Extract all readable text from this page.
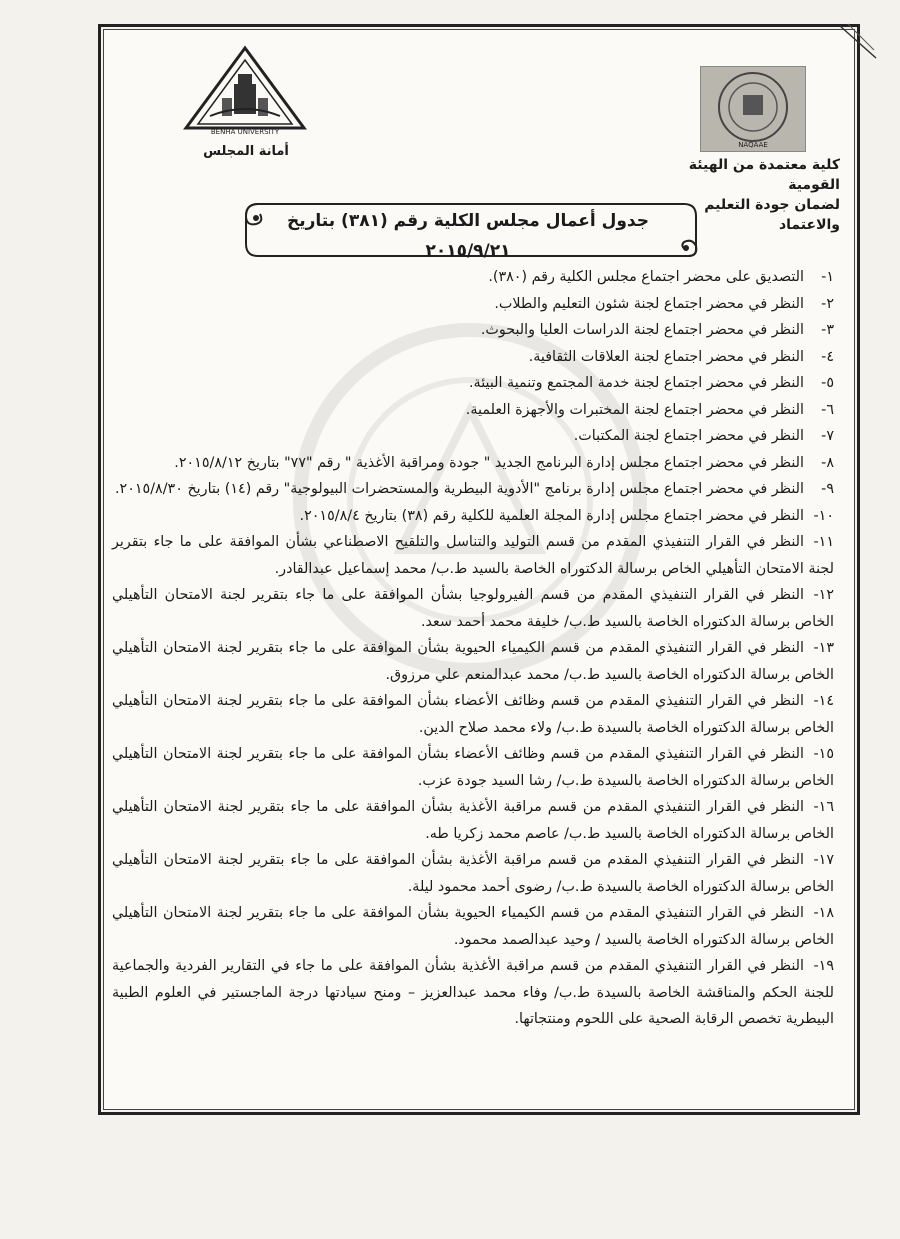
BENHA UNIVERSITY
أمانة المجلس	NAQAAE
كلية معتمدة من الهيئة القومية
لضمان جودة التعليم والاعتماد
جدول أعمال مجلس الكلية رقم (٣٨١) بتاريخ ٢٠١٥/٩/٢١
١-التصديق على محضر اجتماع مجلس الكلية رقم (٣٨٠).
٢-النظر في محضر اجتماع لجنة شئون التعليم والطلاب.
٣-النظر في محضر اجتماع لجنة الدراسات العليا والبحوث.
٤-النظر في محضر اجتماع لجنة العلاقات الثقافية.
٥-النظر في محضر اجتماع لجنة خدمة المجتمع وتنمية البيئة.
٦-النظر في محضر اجتماع لجنة المختبرات والأجهزة العلمية.
٧-النظر في محضر اجتماع لجنة المكتبات.
٨-النظر في محضر اجتماع مجلس إدارة البرنامج الجديد " جودة ومراقبة الأغذية " رقم "٧٧" بتاريخ ٢٠١٥/٨/١٢.
٩-النظر في محضر اجتماع مجلس إدارة برنامج "الأدوية البيطرية والمستحضرات البيولوجية" رقم (١٤) بتاريخ ٢٠١٥/٨/٣٠.
١٠-النظر في محضر اجتماع مجلس إدارة المجلة العلمية للكلية رقم (٣٨) بتاريخ ٢٠١٥/٨/٤.
١١-النظر في القرار التنفيذي المقدم من قسم التوليد والتناسل والتلقيح الاصطناعي بشأن الموافقة على ما جاء بتقرير لجنة الامتحان التأهيلي الخاص برسالة الدكتوراه الخاصة بالسيد ط.ب/ محمد إسماعيل عبدالقادر.
١٢-النظر في القرار التنفيذي المقدم من قسم الفيرولوجيا بشأن الموافقة على ما جاء بتقرير لجنة الامتحان التأهيلي الخاص برسالة الدكتوراه الخاصة بالسيد ط.ب/ خليفة محمد أحمد سعد.
١٣-النظر في القرار التنفيذي المقدم من قسم الكيمياء الحيوية بشأن الموافقة على ما جاء بتقرير لجنة الامتحان التأهيلي الخاص برسالة الدكتوراه الخاصة بالسيد ط.ب/ محمد عبدالمنعم علي مرزوق.
١٤-النظر في القرار التنفيذي المقدم من قسم وظائف الأعضاء بشأن الموافقة على ما جاء بتقرير لجنة الامتحان التأهيلي الخاص برسالة الدكتوراه الخاصة بالسيدة ط.ب/ ولاء محمد صلاح الدين.
١٥-النظر في القرار التنفيذي المقدم من قسم وظائف الأعضاء بشأن الموافقة على ما جاء بتقرير لجنة الامتحان التأهيلي الخاص برسالة الدكتوراه الخاصة بالسيدة ط.ب/ رشا السيد جودة عزب.
١٦-النظر في القرار التنفيذي المقدم من قسم مراقبة الأغذية بشأن الموافقة على ما جاء بتقرير لجنة الامتحان التأهيلي الخاص برسالة الدكتوراه الخاصة بالسيد ط.ب/ عاصم محمد زكريا طه.
١٧-النظر في القرار التنفيذي المقدم من قسم مراقبة الأغذية بشأن الموافقة على ما جاء بتقرير لجنة الامتحان التأهيلي الخاص برسالة الدكتوراه الخاصة بالسيدة ط.ب/ رضوى أحمد محمود ليلة.
١٨-النظر في القرار التنفيذي المقدم من قسم الكيمياء الحيوية بشأن الموافقة على ما جاء بتقرير لجنة الامتحان التأهيلي الخاص برسالة الدكتوراه الخاصة بالسيد / وحيد عبدالصمد محمود.
١٩-النظر في القرار التنفيذي المقدم من قسم مراقبة الأغذية بشأن الموافقة على ما جاء في التقارير الفردية والجماعية للجنة الحكم والمناقشة الخاصة بالسيدة ط.ب/ وفاء محمد عبدالعزيز – ومنح سيادتها درجة الماجستير في العلوم الطبية البيطرية تخصص الرقابة الصحية على اللحوم ومنتجاتها.
